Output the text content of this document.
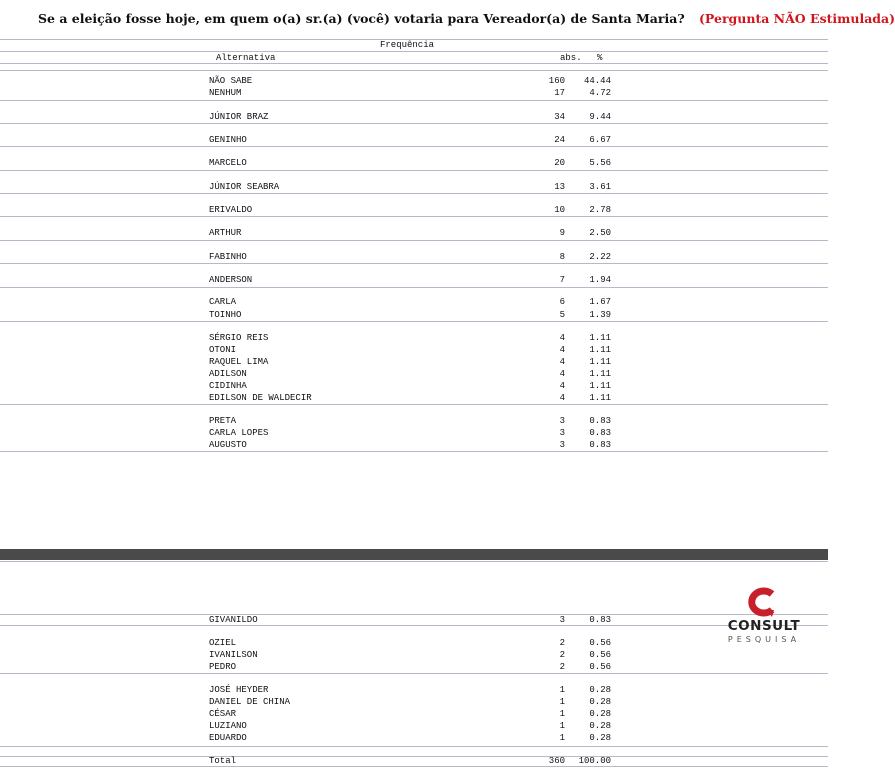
Se a eleição fosse hoje, em quem o(a) sr.(a) (você) votaria para Vereador(a) de Santa Maria? (Pergunta NÃO Estimulada)
Frequência
Alternativa	abs. %
NÃO SABE	160	44.44
NENHUM	17	4.72
JÚNIOR BRAZ	34	9.44
GENINHO	24	6.67
MARCELO	20	5.56
JÚNIOR SEABRA	13	3.61
ERIVALDO	10	2.78
ARTHUR	9	2.50
FABINHO	8	2.22
ANDERSON	7	1.94
CARLA	6	1.67
TOINHO	5	1.39
SÉRGIO REIS	4	1.11
OTONI	4	1.11
RAQUEL LIMA	4	1.11
ADILSON	4	1.11
CIDINHA	4	1.11
EDILSON DE WALDECIR	4	1.11
PRETA	3	0.83
CARLA LOPES	3	0.83
AUGUSTO	3	0.83
GIVANILDO	3	0.83
OZIEL	2	0.56
IVANILSON	2	0.56
PEDRO	2	0.56
JOSÉ HEYDER	1	0.28
DANIEL DE CHINA	1	0.28
CÉSAR	1	0.28
LUZIANO	1	0.28
EDUARDO	1	0.28
Total	360	100.00
CONSULT
PESQUISA
